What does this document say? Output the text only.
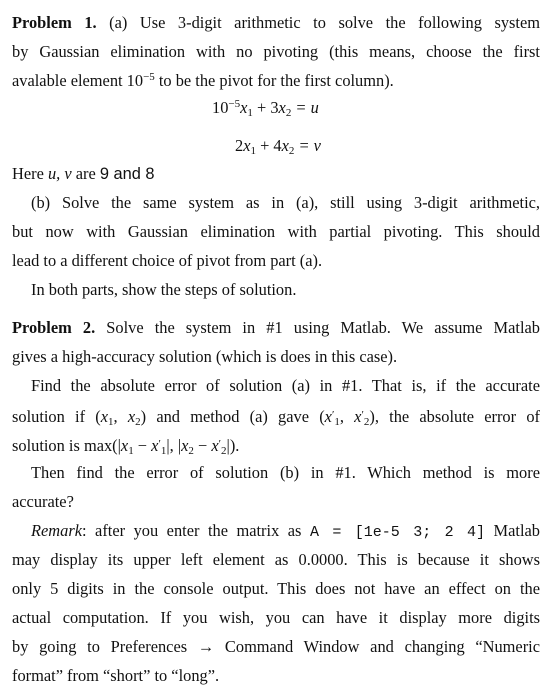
Problem 1. (a) Use 3-digit arithmetic to solve the following system
by Gaussian elimination with no pivoting (this means, choose the first
avalable element $10^{-5}$ to be the pivot for the first column).
$10^{-5}x_1 + 3x_2 = u$
$2x_1 + 4x_2 = v$
Here u, v are 9 and 8
(b) Solve the same system as in (a), still using 3-digit arithmetic,
but now with Gaussian elimination with partial pivoting. This should
lead to a different choice of pivot from part (a).
In both parts, show the steps of solution.
Problem 2. Solve the system in #1 using Matlab. We assume Matlab
gives a high-accuracy solution (which is does in this case).
Find the absolute error of solution (a) in #1. That is, if the accurate
solution if ($x_1$, $x_2$) and method (a) gave ($x'_1$, $x'_2$), the absolute error of
solution is $\max(|x_1 - x'_1|$, $|x_2 - x'_2|$).
Then find the error of solution (b) in #1. Which method is more
accurate?
Remark: after you enter the matrix as A = [1e-5 3; 2 4] Matlab
may display its upper left element as 0.0000. This is because it shows
only 5 digits in the console output. This does not have an effect on the
actual computation. If you wish, you can have it display more digits
by going to Preferences → Command Window and changing “Numeric
format” from “short” to “long”.
